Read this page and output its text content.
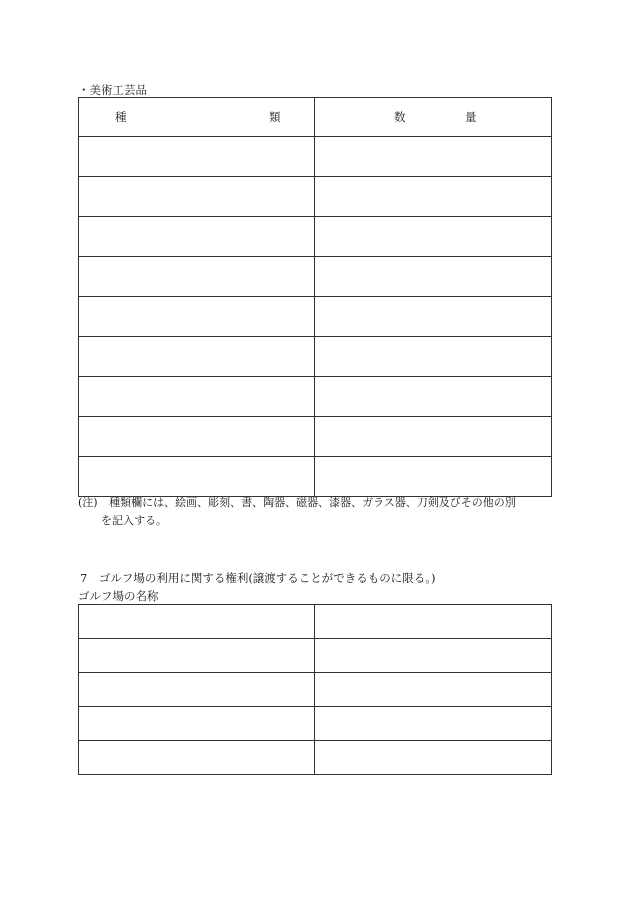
・美術工芸品
種 類	数 量

(注) 種類欄には、絵画、彫刻、書、陶器、磁器、漆器、ガラス器、刀剣及びその他の別
を記入する。
7　ゴルフ場の利用に関する権利(譲渡することができるものに限る。)
ゴルフ場の名称
